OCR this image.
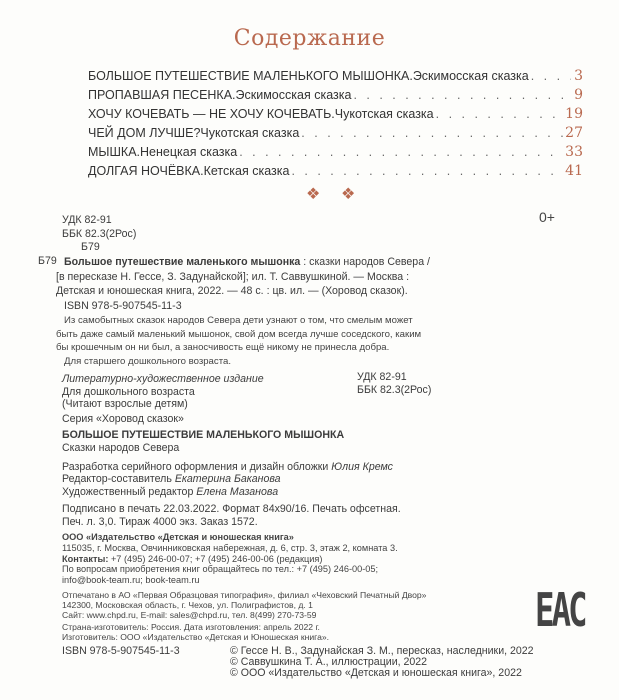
Содержание
БОЛЬШОЕ ПУТЕШЕСТВИЕ МАЛЕНЬКОГО МЫШОНКА. Эскимосская сказка . . .	3
ПРОПАВШАЯ ПЕСЕНКА. Эскимосская сказка . . .	9
ХОЧУ КОЧЕВАТЬ — НЕ ХОЧУ КОЧЕВАТЬ. Чукотская сказка . . .	19
ЧЕЙ ДОМ ЛУЧШЕ? Чукотская сказка . . .	27
МЫШКА. Ненецкая сказка . . .	33
ДОЛГАЯ НОЧЁВКА. Кетская сказка . . .	41
❖ ❖
УДК 82-91
ББК 82.3(2Рос)
Б79
0+
Б79 Большое путешествие маленького мышонка : сказки народов Севера /
[в пересказе Н. Гессе, З. Задунайской]; ил. Т. Саввушкиной. — Москва :
Детская и юношеская книга, 2022. — 48 с. : цв. ил. — (Хоровод сказок).
ISBN 978-5-907545-11-3
Из самобытных сказок народов Севера дети узнают о том, что смелым может
быть даже самый маленький мышонок, свой дом всегда лучше соседского, каким
бы крошечным он ни был, а заносчивость ещё никому не принесла добра.
Для старшего дошкольного возраста.
УДК 82-91
ББК 82.3(2Рос)
Литературно-художественное издание
Для дошкольного возраста
(Читают взрослые детям)
Серия «Хоровод сказок»
БОЛЬШОЕ ПУТЕШЕСТВИЕ МАЛЕНЬКОГО МЫШОНКА
Сказки народов Севера
Разработка серийного оформления и дизайн обложки Юлия Кремс
Редактор-составитель Екатерина Баканова
Художественный редактор Елена Мазанова
Подписано в печать 22.03.2022. Формат 84х90/16. Печать офсетная.
Печ. л. 3,0. Тираж 4000 экз. Заказ 1572.
ООО «Издательство «Детская и юношеская книга»
115035, г. Москва, Овчинниковская набережная, д. 6, стр. 3, этаж 2, комната 3.
Контакты: +7 (495) 246-00-07; +7 (495) 246-00-06 (редакция)
По вопросам приобретения книг обращайтесь по тел.: +7 (495) 246-00-05;
info@book-team.ru; book-team.ru
Отпечатано в АО «Первая Образцовая типография», филиал «Чеховский Печатный Двор»
142300, Московская область, г. Чехов, ул. Полиграфистов, д. 1
Сайт: www.chpd.ru, E-mail: sales@chpd.ru, тел. 8(499) 270-73-59
Страна-изготовитель: Россия. Дата изготовления: апрель 2022 г.
Изготовитель: ООО «Издательство «Детская и Юношеская книга».
ЕАС
ISBN 978-5-907545-11-3	© Гессе Н. В., Задунайская З. М., пересказ, наследники, 2022
© Саввушкина Т. А., иллюстрации, 2022
© ООО «Издательство «Детская и юношеская книга», 2022
